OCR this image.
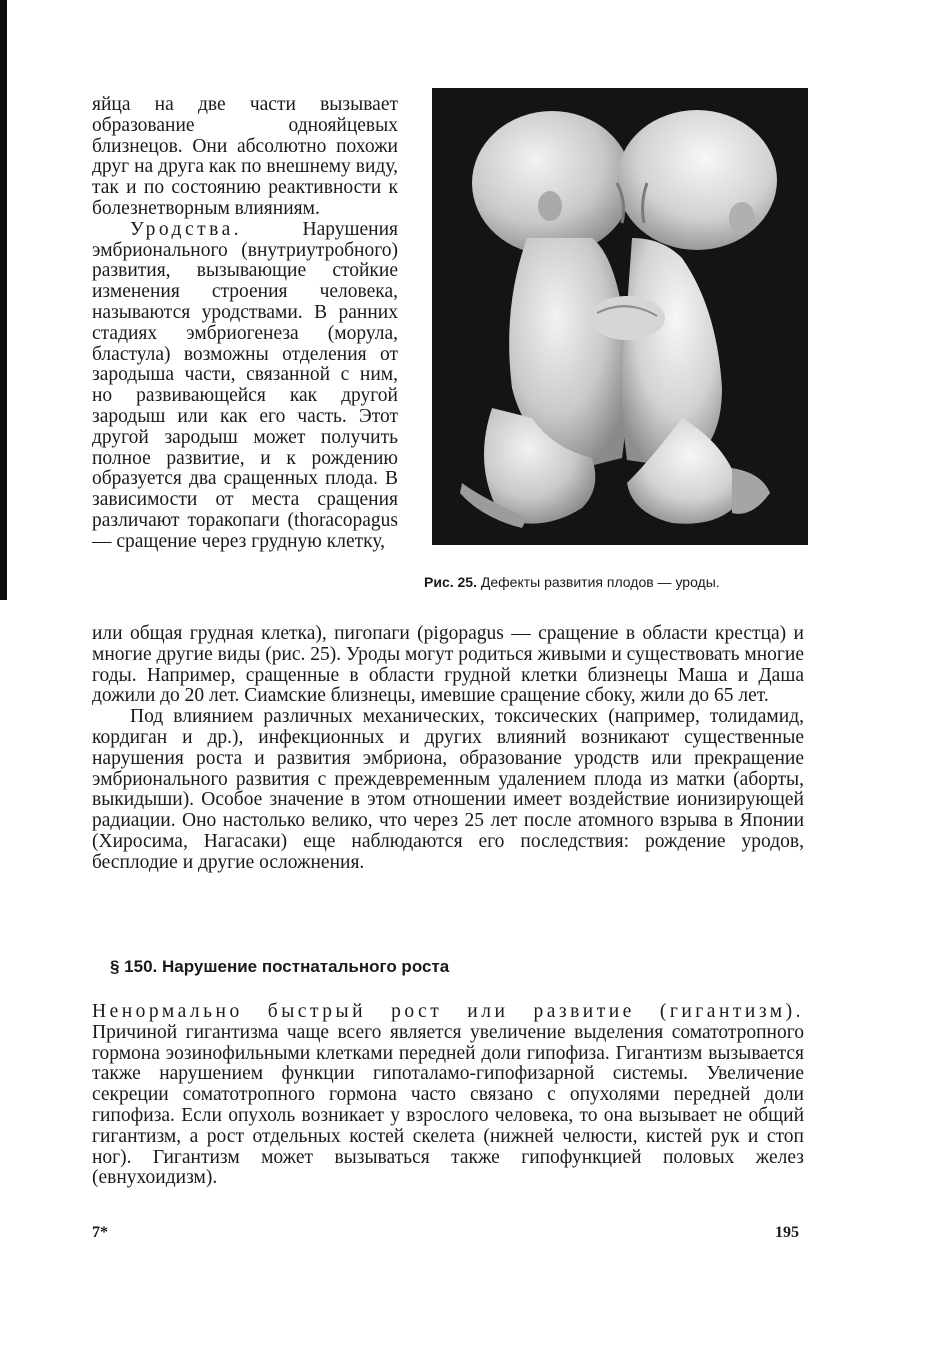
яйца на две части вызывает образование однояйцевых близнецов. Они абсолютно похожи друг на друга как по внешнему виду, так и по состоянию реактивности к болезнетворным влияниям.

Уродства. Нарушения эмбрионального (внутриутробного) развития, вызывающие стойкие изменения строения человека, называются уродствами. В ранних стадиях эмбриогенеза (морула, бластула) возможны отделения от зародыша части, связанной с ним, но развивающейся как другой зародыш или как его часть. Этот другой зародыш может получить полное развитие, и к рождению образуется два сращенных плода. В зависимости от места сращения различают торакопаги (thoracopagus — сращение через грудную клетку,

Рис. 25. Дефекты развития плодов — уроды.

или общая грудная клетка), пигопаги (pigopagus — сращение в области крестца) и многие другие виды (рис. 25). Уроды могут родиться живыми и существовать многие годы. Например, сращенные в области грудной клетки близнецы Маша и Даша дожили до 20 лет. Сиамские близнецы, имевшие сращение сбоку, жили до 65 лет.

Под влиянием различных механических, токсических (например, толидамид, кордиган и др.), инфекционных и других влияний возникают существенные нарушения роста и развития эмбриона, образование уродств или прекращение эмбрионального развития с преждевременным удалением плода из матки (аборты, выкидыши). Особое значение в этом отношении имеет воздействие ионизирующей радиации. Оно настолько велико, что через 25 лет после атомного взрыва в Японии (Хиросима, Нагасаки) еще наблюдаются его последствия: рождение уродов, бесплодие и другие осложнения.

§ 150. Нарушение постнатального роста

Ненормально быстрый рост или развитие (гигантизм). Причиной гигантизма чаще всего является увеличение выделения соматотропного гормона эозинофильными клетками передней доли гипофиза. Гигантизм вызывается также нарушением функции гипоталамо-гипофизарной системы. Увеличение секреции соматотропного гормона часто связано с опухолями передней доли гипофиза. Если опухоль возникает у взрослого человека, то она вызывает не общий гигантизм, а рост отдельных костей скелета (нижней челюсти, кистей рук и стоп ног). Гигантизм может вызываться также гипофункцией половых желез (евнухоидизм).

7*	195
